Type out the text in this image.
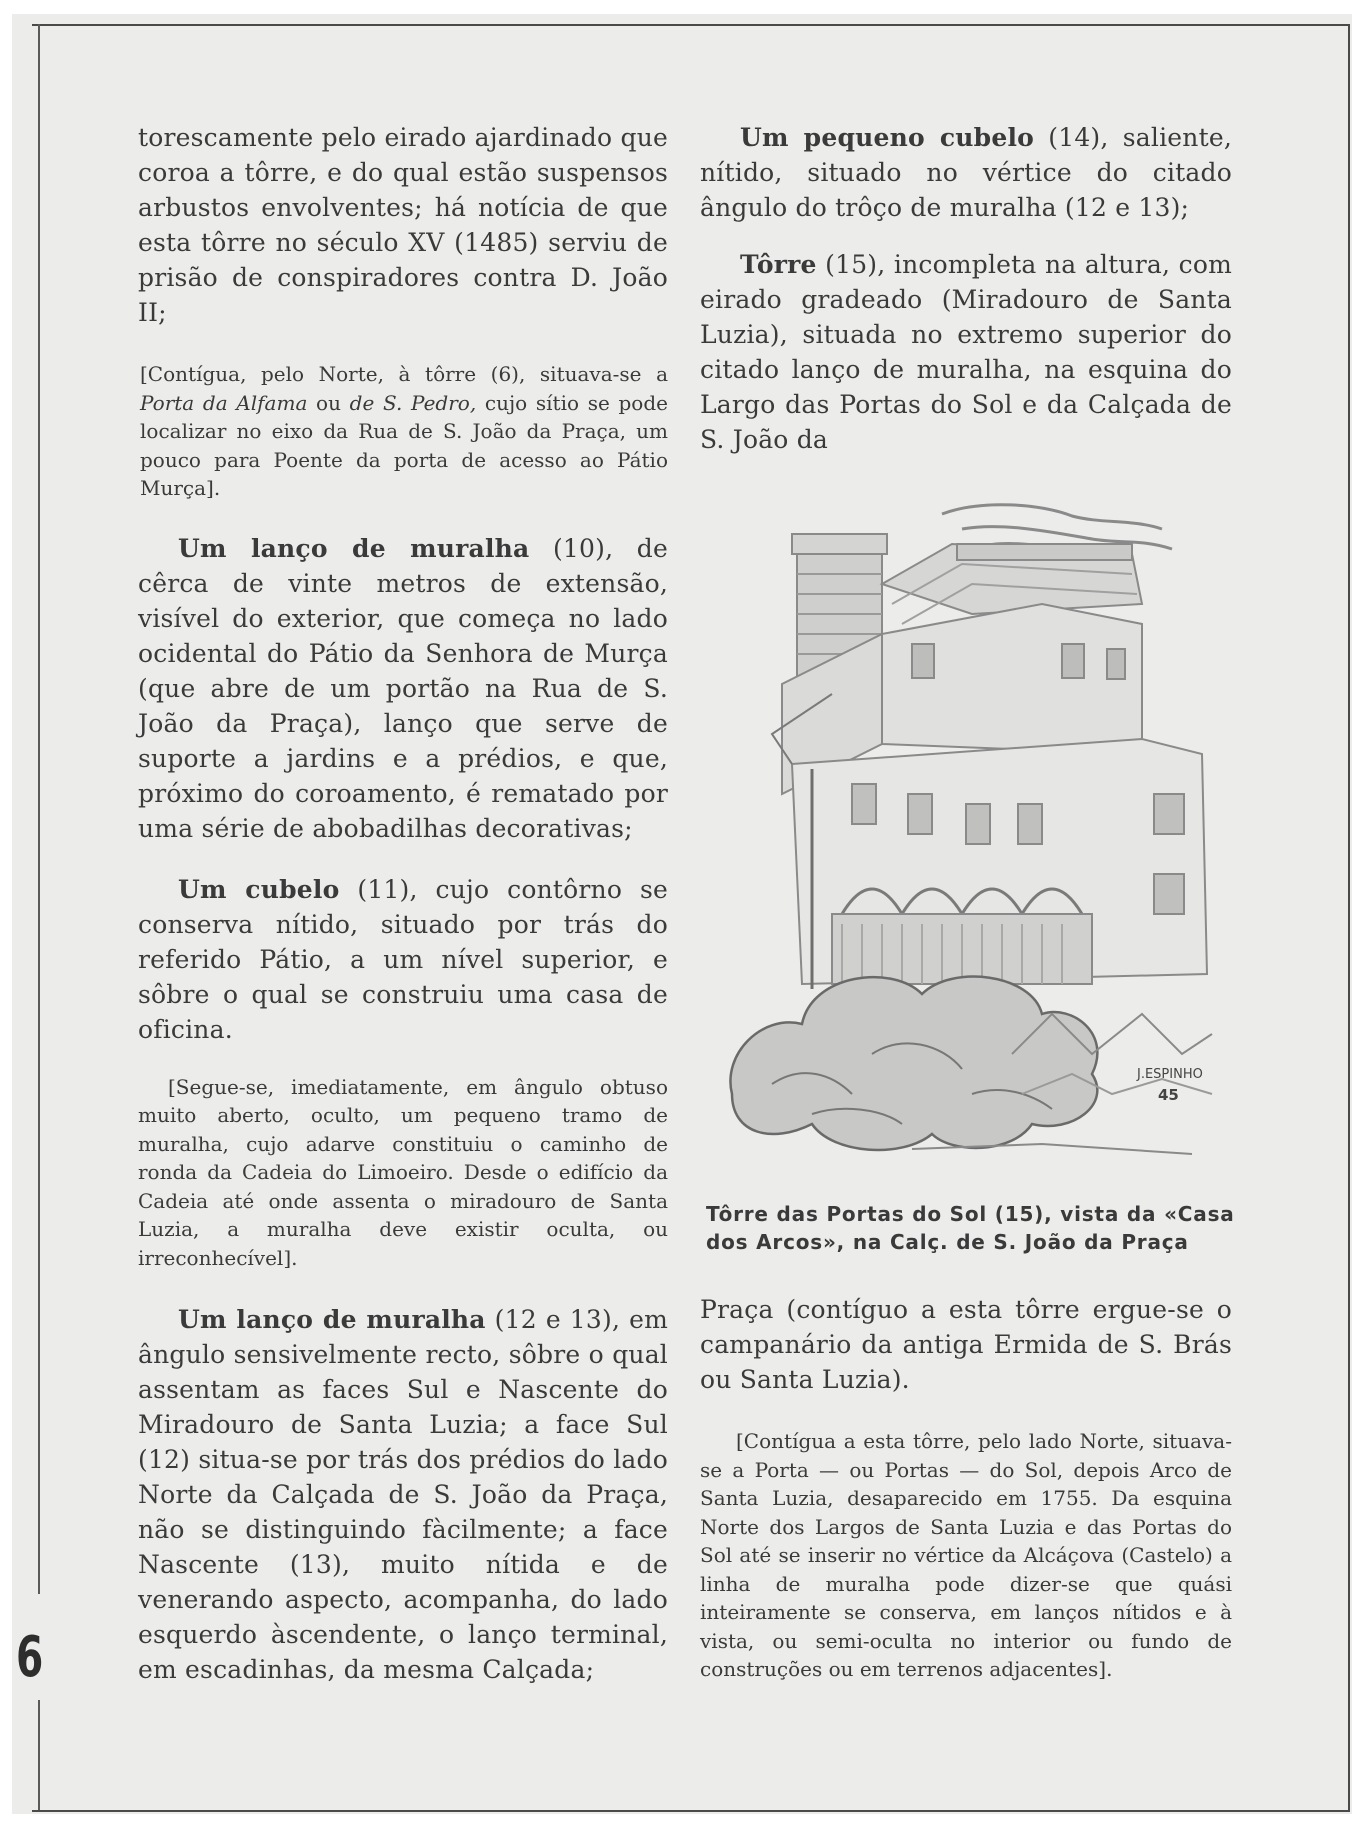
6

torescamente pelo eirado ajardinado que coroa a tôrre, e do qual estão suspensos arbustos envolventes; há notícia de que esta tôrre no século XV (1485) serviu de prisão de conspiradores contra D. João II;

[Contígua, pelo Norte, à tôrre (6), situava-se a Porta da Alfama ou de S. Pedro, cujo sítio se pode localizar no eixo da Rua de S. João da Praça, um pouco para Poente da porta de acesso ao Pátio Murça].

Um lanço de muralha (10), de cêrca de vinte metros de extensão, visível do exterior, que começa no lado ocidental do Pátio da Senhora de Murça (que abre de um portão na Rua de S. João da Praça), lanço que serve de suporte a jardins e a prédios, e que, próximo do coroamento, é rematado por uma série de abobadilhas decorativas;

Um cubelo (11), cujo contôrno se conserva nítido, situado por trás do referido Pátio, a um nível superior, e sôbre o qual se construiu uma casa de oficina.

[Segue-se, imediatamente, em ângulo obtuso muito aberto, oculto, um pequeno tramo de muralha, cujo adarve constituiu o caminho de ronda da Cadeia do Limoeiro. Desde o edifício da Cadeia até onde assenta o miradouro de Santa Luzia, a muralha deve existir oculta, ou irreconhecível].

Um lanço de muralha (12 e 13), em ângulo sensivelmente recto, sôbre o qual assentam as faces Sul e Nascente do Miradouro de Santa Luzia; a face Sul (12) situa-se por trás dos prédios do lado Norte da Calçada de S. João da Praça, não se distinguindo fàcilmente; a face Nascente (13), muito nítida e de venerando aspecto, acompanha, do lado esquerdo àscendente, o lanço terminal, em escadinhas, da mesma Calçada;

Um pequeno cubelo (14), saliente, nítido, situado no vértice do citado ângulo do trôço de muralha (12 e 13);

Tôrre (15), incompleta na altura, com eirado gradeado (Miradouro de Santa Luzia), situada no extremo superior do citado lanço de muralha, na esquina do Largo das Portas do Sol e da Calçada de S. João da

J.ESPINHO
45

Tôrre das Portas do Sol (15), vista da «Casa dos Arcos», na Calç. de S. João da Praça

Praça (contíguo a esta tôrre ergue-se o campanário da antiga Ermida de S. Brás ou Santa Luzia).

[Contígua a esta tôrre, pelo lado Norte, situava-se a Porta — ou Portas — do Sol, depois Arco de Santa Luzia, desaparecido em 1755. Da esquina Norte dos Largos de Santa Luzia e das Portas do Sol até se inserir no vértice da Alcáçova (Castelo) a linha de muralha pode dizer-se que quási inteiramente se conserva, em lanços nítidos e à vista, ou semi-oculta no interior ou fundo de construções ou em terrenos adjacentes].
